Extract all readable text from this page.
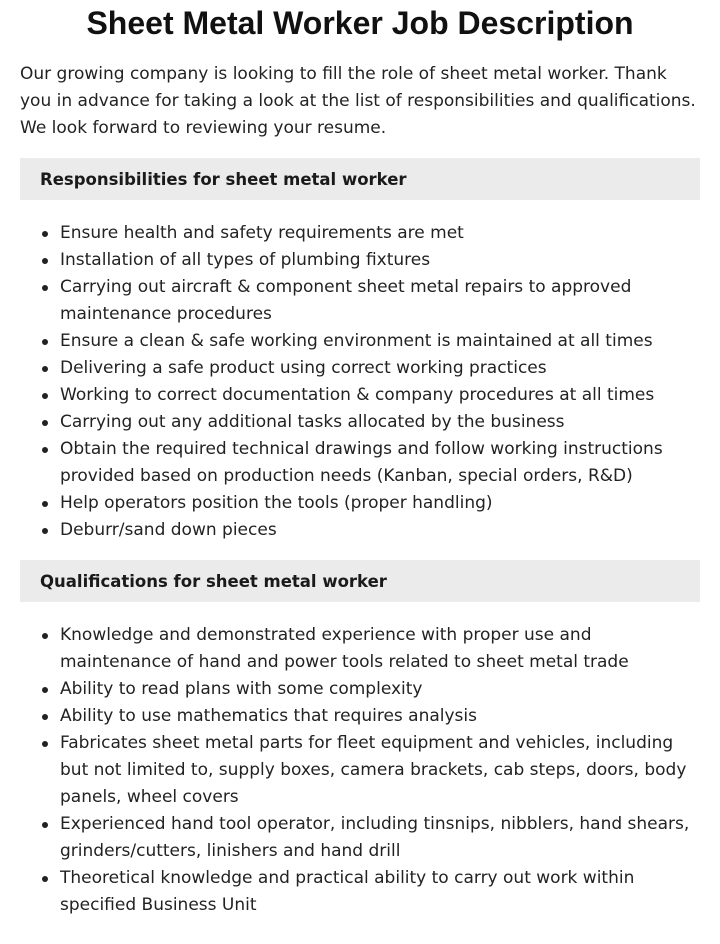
Sheet Metal Worker Job Description

Our growing company is looking to fill the role of sheet metal worker. Thank you in advance for taking a look at the list of responsibilities and qualifications. We look forward to reviewing your resume.

Responsibilities for sheet metal worker
Ensure health and safety requirements are met
Installation of all types of plumbing fixtures
Carrying out aircraft & component sheet metal repairs to approved maintenance procedures
Ensure a clean & safe working environment is maintained at all times
Delivering a safe product using correct working practices
Working to correct documentation & company procedures at all times
Carrying out any additional tasks allocated by the business
Obtain the required technical drawings and follow working instructions provided based on production needs (Kanban, special orders, R&D)
Help operators position the tools (proper handling)
Deburr/sand down pieces
Qualifications for sheet metal worker
Knowledge and demonstrated experience with proper use and maintenance of hand and power tools related to sheet metal trade
Ability to read plans with some complexity
Ability to use mathematics that requires analysis
Fabricates sheet metal parts for fleet equipment and vehicles, including but not limited to, supply boxes, camera brackets, cab steps, doors, body panels, wheel covers
Experienced hand tool operator, including tinsnips, nibblers, hand shears, grinders/cutters, linishers and hand drill
Theoretical knowledge and practical ability to carry out work within specified Business Unit
